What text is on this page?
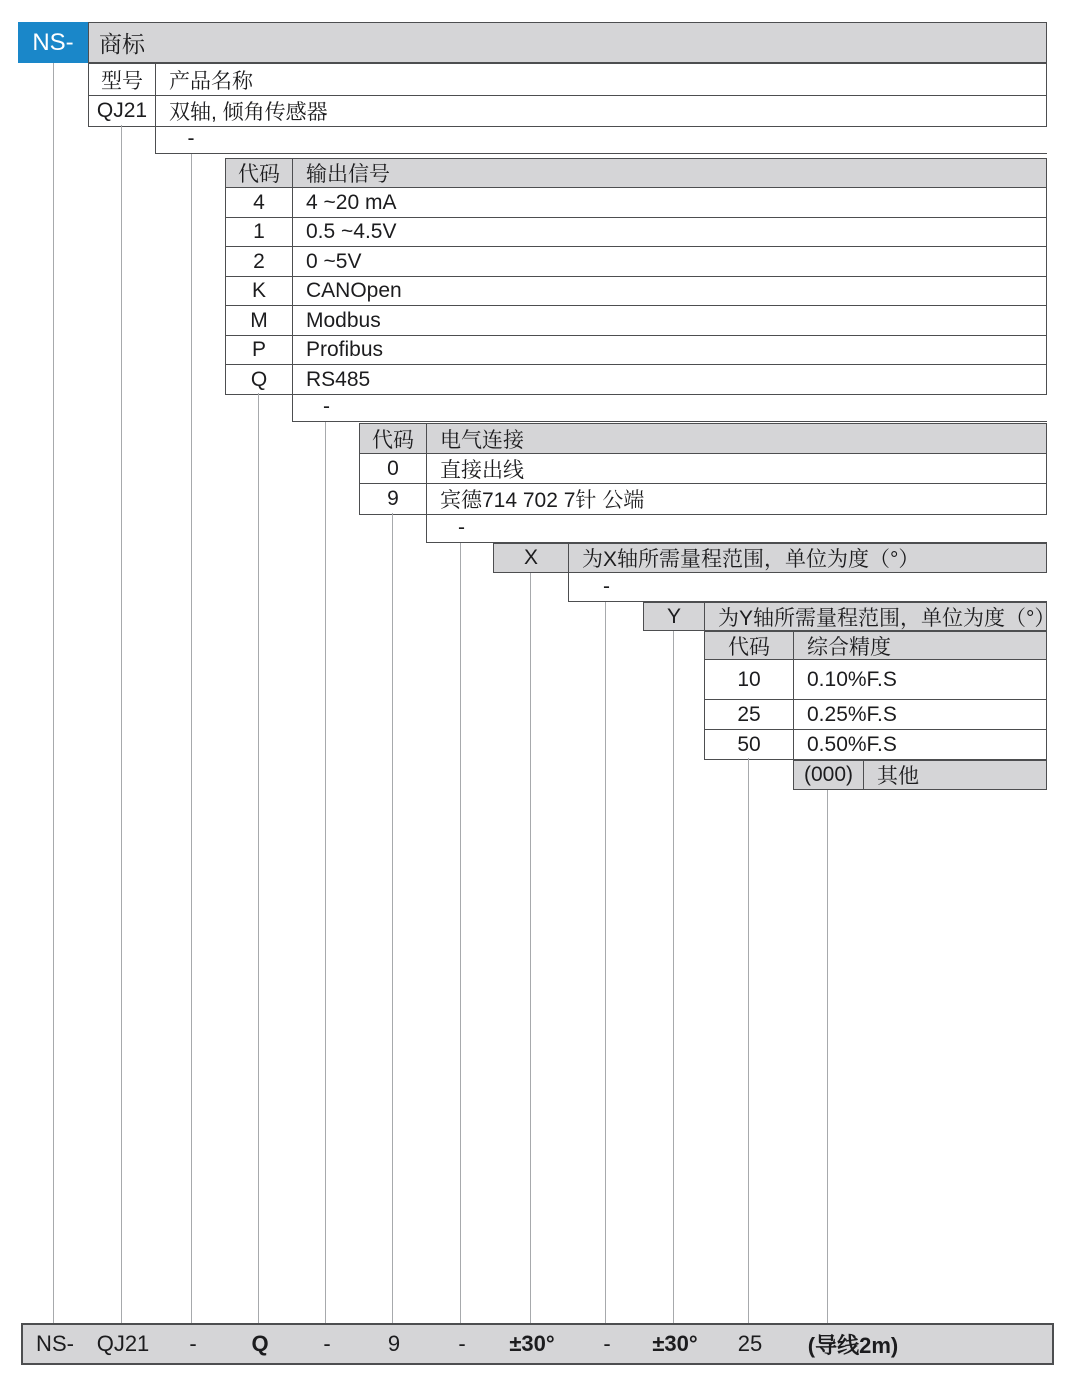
NS- 商标
型号	产品名称
QJ21	双轴, 倾角传感器
-
代码	输出信号
4	4 ~20 mA
1	0.5 ~4.5V
2	0 ~5V
K	CANOpen
M	Modbus
P	Profibus
Q	RS485
-
代码	电气连接
0	直接出线
9	宾德714 702 7针 公端
-
X	为X轴所需量程范围，单位为度（°）
-
Y	为Y轴所需量程范围，单位为度（°）
代码	综合精度
10	0.10%F.S
25	0.25%F.S
50	0.50%F.S
(000)	其他
NS- QJ21 - Q -	9	- ±30° - ±30° 25 (导线2m)
